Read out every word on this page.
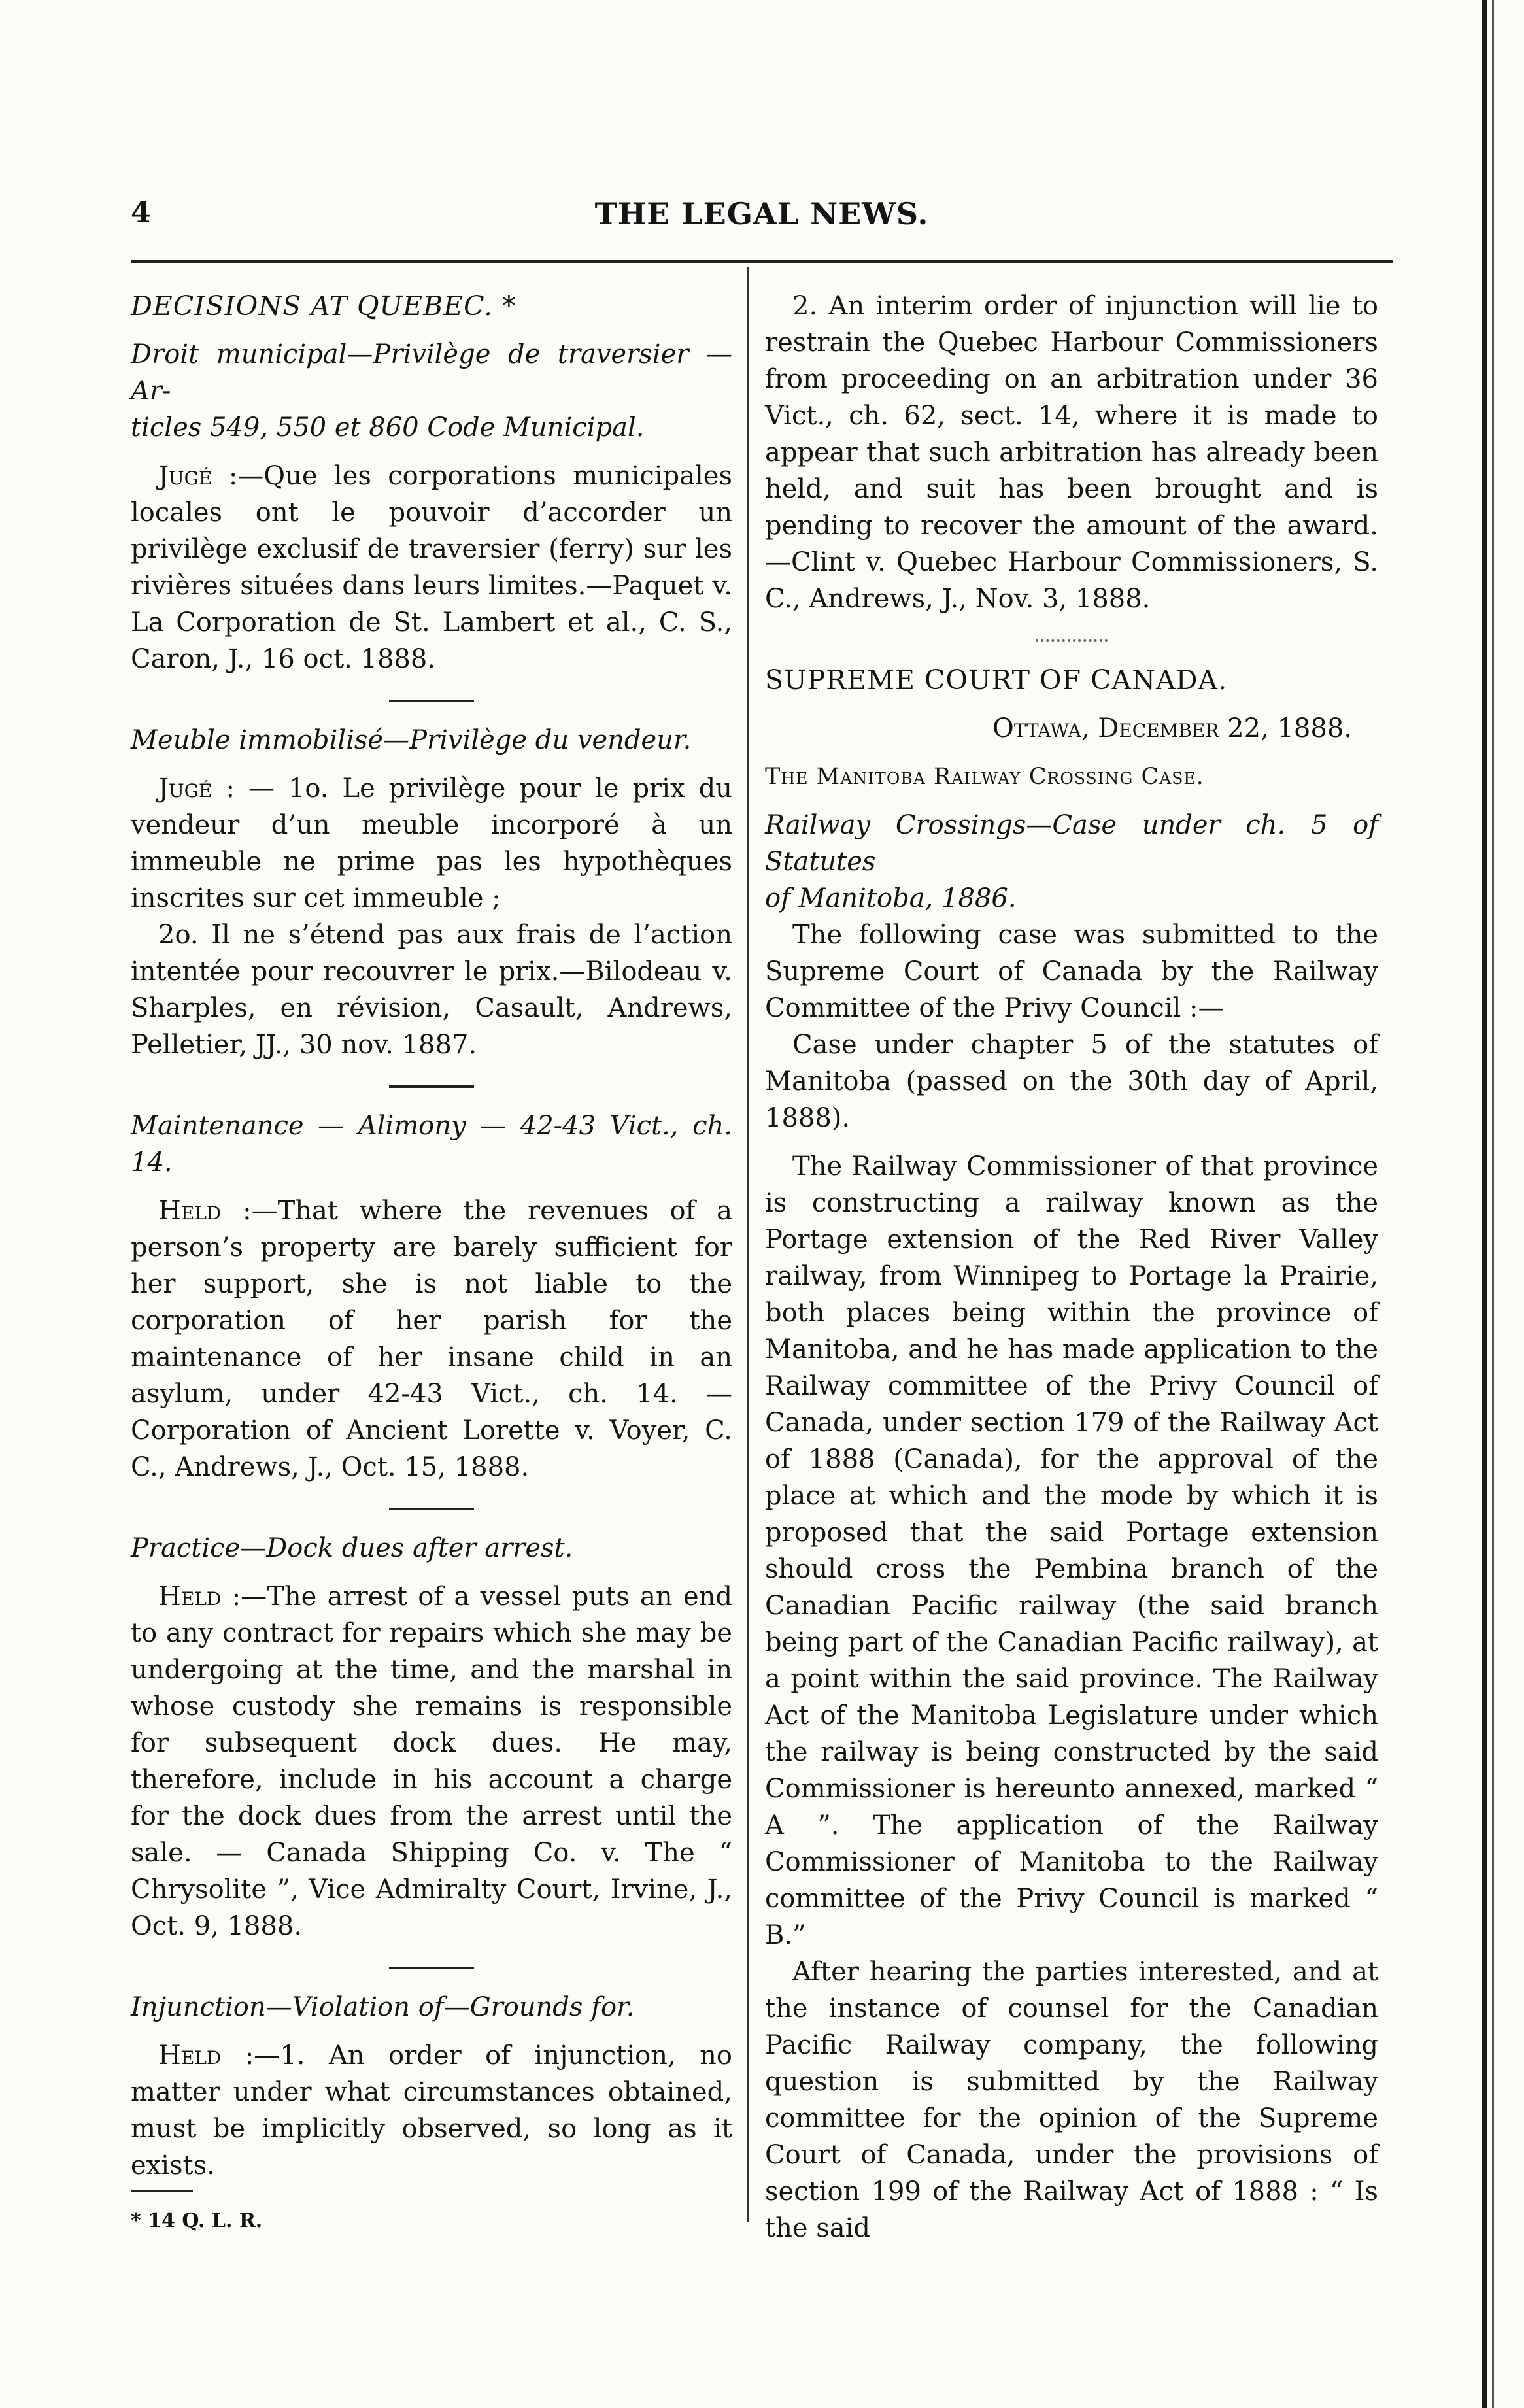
4	THE LEGAL NEWS.

DECISIONS AT QUEBEC. *

Droit municipal—Privilège de traversier — Ar-

ticles 549, 550 et 860 Code Municipal.

Jugé :—Que les corporations municipales locales ont le pouvoir d’accorder un privilège exclusif de traversier (ferry) sur les rivières situées dans leurs limites.—Paquet v. La Corporation de St. Lambert et al., C. S., Caron, J., 16 oct. 1888.

Meuble immobilisé—Privilège du vendeur.

Jugé : — 1o. Le privilège pour le prix du vendeur d’un meuble incorporé à un immeuble ne prime pas les hypothèques inscrites sur cet immeuble ;

2o. Il ne s’étend pas aux frais de l’action intentée pour recouvrer le prix.—Bilodeau v. Sharples, en révision, Casault, Andrews, Pelletier, JJ., 30 nov. 1887.

Maintenance — Alimony — 42-43 Vict., ch. 14.

Held :—That where the revenues of a person’s property are barely sufficient for her support, she is not liable to the corporation of her parish for the maintenance of her insane child in an asylum, under 42-43 Vict., ch. 14. — Corporation of Ancient Lorette v. Voyer, C. C., Andrews, J., Oct. 15, 1888.

Practice—Dock dues after arrest.

Held :—The arrest of a vessel puts an end to any contract for repairs which she may be undergoing at the time, and the marshal in whose custody she remains is responsible for subsequent dock dues. He may, therefore, include in his account a charge for the dock dues from the arrest until the sale. — Canada Shipping Co. v. The “ Chrysolite ”, Vice Admiralty Court, Irvine, J., Oct. 9, 1888.

Injunction—Violation of—Grounds for.

Held :—1. An order of injunction, no matter under what circumstances obtained, must be implicitly observed, so long as it exists.

* 14 Q. L. R.

2. An interim order of injunction will lie to restrain the Quebec Harbour Commissioners from proceeding on an arbitration under 36 Vict., ch. 62, sect. 14, where it is made to appear that such arbitration has already been held, and suit has been brought and is pending to recover the amount of the award.—Clint v. Quebec Harbour Commissioners, S. C., Andrews, J., Nov. 3, 1888.

SUPREME COURT OF CANADA.

Ottawa, December 22, 1888.

The Manitoba Railway Crossing Case.

Railway Crossings—Case under ch. 5 of Statutes

of Manitoba, 1886.

The following case was submitted to the Supreme Court of Canada by the Railway Committee of the Privy Council :—

Case under chapter 5 of the statutes of Manitoba (passed on the 30th day of April, 1888).

The Railway Commissioner of that province is constructing a railway known as the Portage extension of the Red River Valley railway, from Winnipeg to Portage la Prairie, both places being within the province of Manitoba, and he has made application to the Railway committee of the Privy Council of Canada, under section 179 of the Railway Act of 1888 (Canada), for the approval of the place at which and the mode by which it is proposed that the said Portage extension should cross the Pembina branch of the Canadian Pacific railway (the said branch being part of the Canadian Pacific railway), at a point within the said province. The Railway Act of the Manitoba Legislature under which the railway is being constructed by the said Commissioner is hereunto annexed, marked “ A ”. The application of the Railway Commissioner of Manitoba to the Railway committee of the Privy Council is marked “ B.”

After hearing the parties interested, and at the instance of counsel for the Canadian Pacific Railway company, the following question is submitted by the Railway committee for the opinion of the Supreme Court of Canada, under the provisions of section 199 of the Railway Act of 1888 : “ Is the said
